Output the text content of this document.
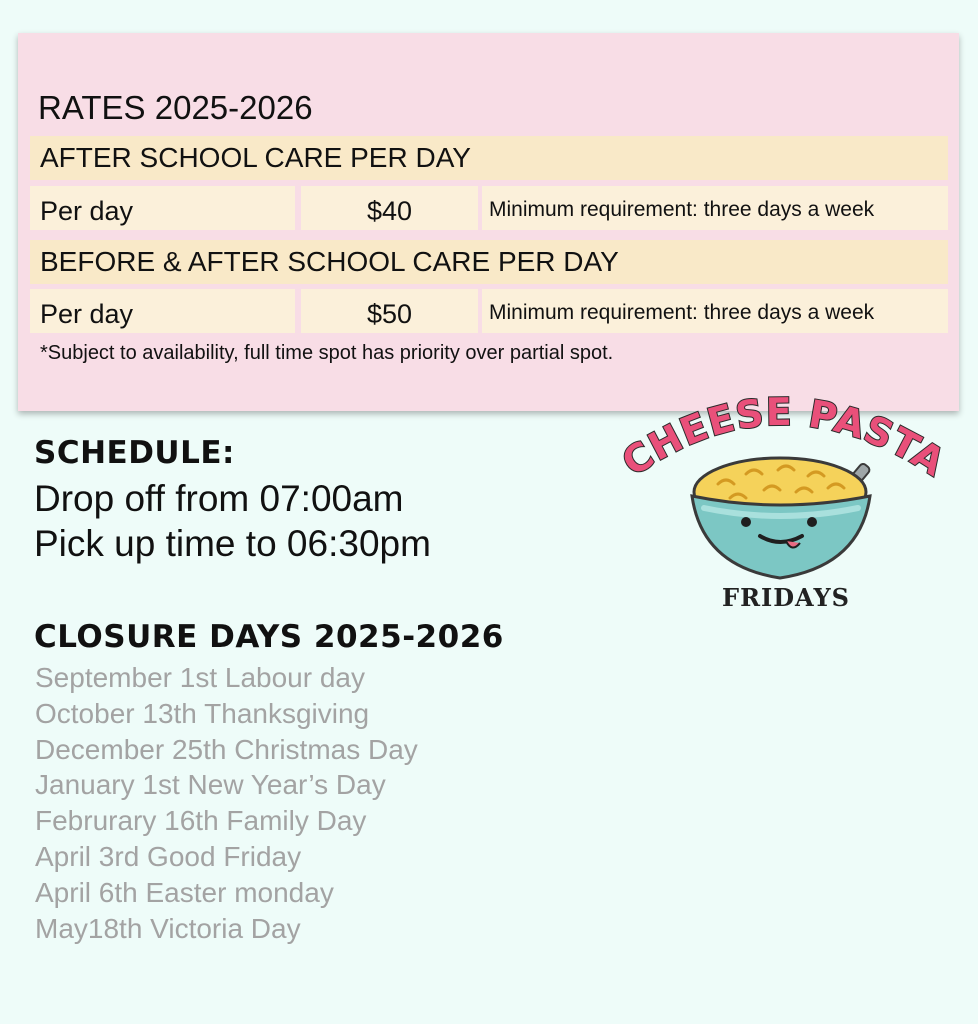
RATES 2025-2026
AFTER SCHOOL CARE PER DAY
Per day	$40	Minimum requirement: three days a week
BEFORE & AFTER SCHOOL CARE PER DAY
Per day	$50	Minimum requirement: three days a week
*Subject to availability, full time spot has priority over partial spot.
SCHEDULE:
Drop off from 07:00am
Pick up time to 06:30pm
CLOSURE DAYS 2025-2026
September 1st Labour day
October 13th Thanksgiving
December 25th Christmas Day
January 1st New Year’s Day
Februrary 16th Family Day
April 3rd Good Friday
April 6th Easter monday
May18th Victoria Day
CHEESE PASTA
FRIDAYS
